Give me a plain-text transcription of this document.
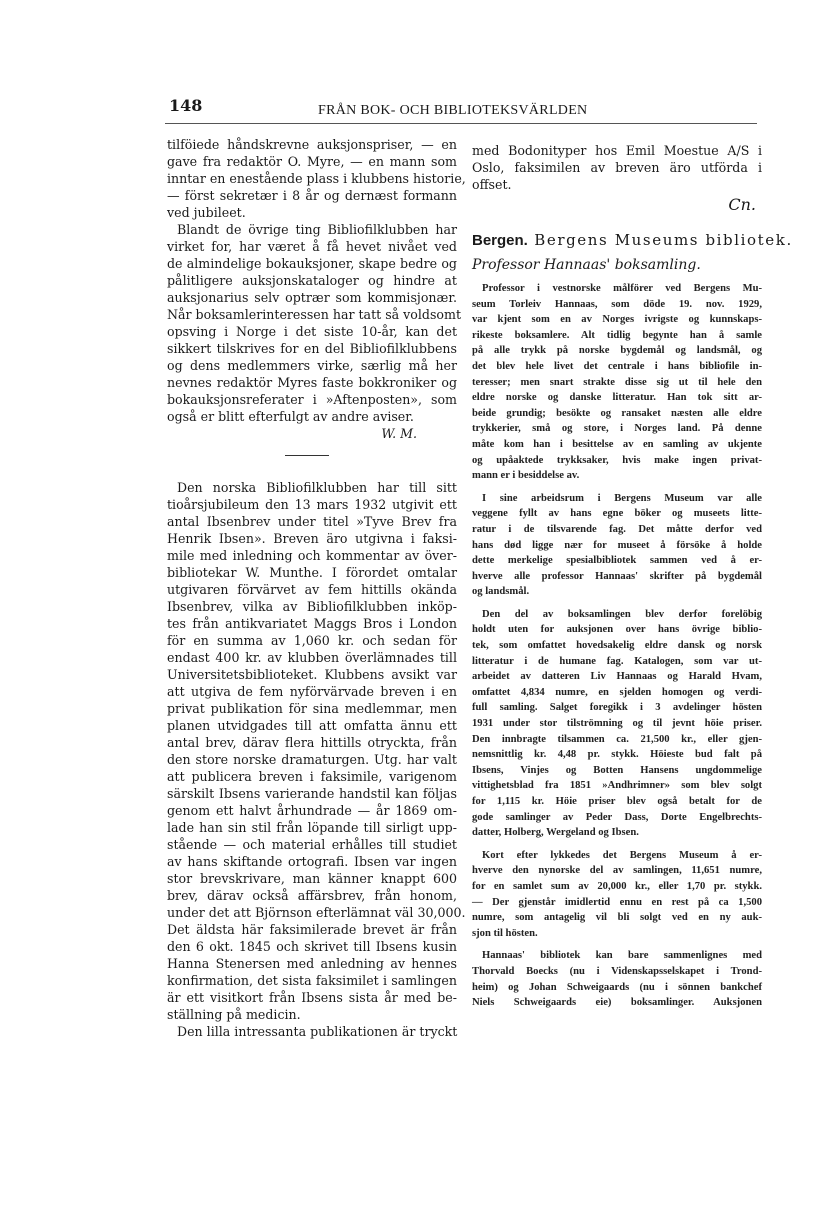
148	FRÅN BOK- OCH BIBLIOTEKSVÄRLDEN
tilföiede håndskrevne auksjonspriser, — en
gave fra redaktör O. Myre, — en mann som
inntar en enestående plass i klubbens historie,
— först sekretær i 8 år og dernæst formann
ved jubileet.
Blandt de övrige ting Bibliofilklubben har
virket for, har været å få hevet nivået ved
de almindelige bokauksjoner, skape bedre og
pålitligere auksjonskataloger og hindre at
auksjonarius selv optrær som kommisjonær.
Når boksamlerinteressen har tatt så voldsomt
opsving i Norge i det siste 10-år, kan det
sikkert tilskrives for en del Bibliofilklubbens
og dens medlemmers virke, særlig må her
nevnes redaktör Myres faste bokkroniker og
bokauksjonsreferater i »Aftenposten», som
også er blitt efterfulgt av andre aviser.
W. M.
Den norska Bibliofilklubben har till sitt
tioårsjubileum den 13 mars 1932 utgivit ett
antal Ibsenbrev under titel »Tyve Brev fra
Henrik Ibsen». Breven äro utgivna i faksi-
mile med inledning och kommentar av över-
bibliotekar W. Munthe. I förordet omtalar
utgivaren förvärvet av fem hittills okända
Ibsenbrev, vilka av Bibliofilklubben inköp-
tes från antikvariatet Maggs Bros i London
för en summa av 1,060 kr. och sedan för
endast 400 kr. av klubben överlämnades till
Universitetsbiblioteket. Klubbens avsikt var
att utgiva de fem nyförvärvade breven i en
privat publikation för sina medlemmar, men
planen utvidgades till att omfatta ännu ett
antal brev, därav flera hittills otryckta, från
den store norske dramaturgen. Utg. har valt
att publicera breven i faksimile, varigenom
särskilt Ibsens varierande handstil kan följas
genom ett halvt århundrade — år 1869 om-
lade han sin stil från löpande till sirligt upp-
stående — och material erhålles till studiet
av hans skiftande ortografi. Ibsen var ingen
stor brevskrivare, man känner knappt 600
brev, därav också affärsbrev, från honom,
under det att Björnson efterlämnat väl 30,000.
Det äldsta här faksimilerade brevet är från
den 6 okt. 1845 och skrivet till Ibsens kusin
Hanna Stenersen med anledning av hennes
konfirmation, det sista faksimilet i samlingen
är ett visitkort från Ibsens sista år med be-
ställning på medicin.
Den lilla intressanta publikationen är tryckt
med Bodonityper hos Emil Moestue A/S i
Oslo, faksimilen av breven äro utförda i
offset.
Cn.
Bergen. Bergens Museums bibliotek.
Professor Hannaas' boksamling.
Professor i vestnorske målförer ved Bergens Mu-
seum Torleiv Hannaas, som döde 19. nov. 1929,
var kjent som en av Norges ivrigste og kunnskaps-
rikeste boksamlere. Alt tidlig begynte han å samle
på alle trykk på norske bygdemål og landsmål, og
det blev hele livet det centrale i hans bibliofile in-
teresser; men snart strakte disse sig ut til hele den
eldre norske og danske litteratur. Han tok sitt ar-
beide grundig; besökte og ransaket næsten alle eldre
trykkerier, små og store, i Norges land. På denne
måte kom han i besittelse av en samling av ukjente
og upåaktede trykksaker, hvis make ingen privat-
mann er i besiddelse av.
I sine arbeidsrum i Bergens Museum var alle
veggene fyllt av hans egne böker og museets litte-
ratur i de tilsvarende fag. Det måtte derfor ved
hans død ligge nær for museet å försöke å holde
dette merkelige spesialbibliotek sammen ved å er-
hverve alle professor Hannaas' skrifter på bygdemål
og landsmål.
Den del av boksamlingen blev derfor forelöbig
holdt uten for auksjonen over hans övrige biblio-
tek, som omfattet hovedsakelig eldre dansk og norsk
litteratur i de humane fag. Katalogen, som var ut-
arbeidet av datteren Liv Hannaas og Harald Hvam,
omfattet 4,834 numre, en sjelden homogen og verdi-
full samling. Salget foregikk i 3 avdelinger hösten
1931 under stor tilströmning og til jevnt höie priser.
Den innbragte tilsammen ca. 21,500 kr., eller gjen-
nemsnittlig kr. 4,48 pr. stykk. Höieste bud falt på
Ibsens, Vinjes og Botten Hansens ungdommelige
vittighetsblad fra 1851 »Andhrimner» som blev solgt
for 1,115 kr. Höie priser blev også betalt for de
gode samlinger av Peder Dass, Dorte Engelbrechts-
datter, Holberg, Wergeland og Ibsen.
Kort efter lykkedes det Bergens Museum å er-
hverve den nynorske del av samlingen, 11,651 numre,
for en samlet sum av 20,000 kr., eller 1,70 pr. stykk.
— Der gjenstår imidlertid ennu en rest på ca 1,500
numre, som antagelig vil bli solgt ved en ny auk-
sjon til hösten.
Hannaas' bibliotek kan bare sammenlignes med
Thorvald Boecks (nu i Videnskapsselskapet i Trond-
heim) og Johan Schweigaards (nu i sönnen bankchef
Niels Schweigaards eie) boksamlinger. Auksjonen
